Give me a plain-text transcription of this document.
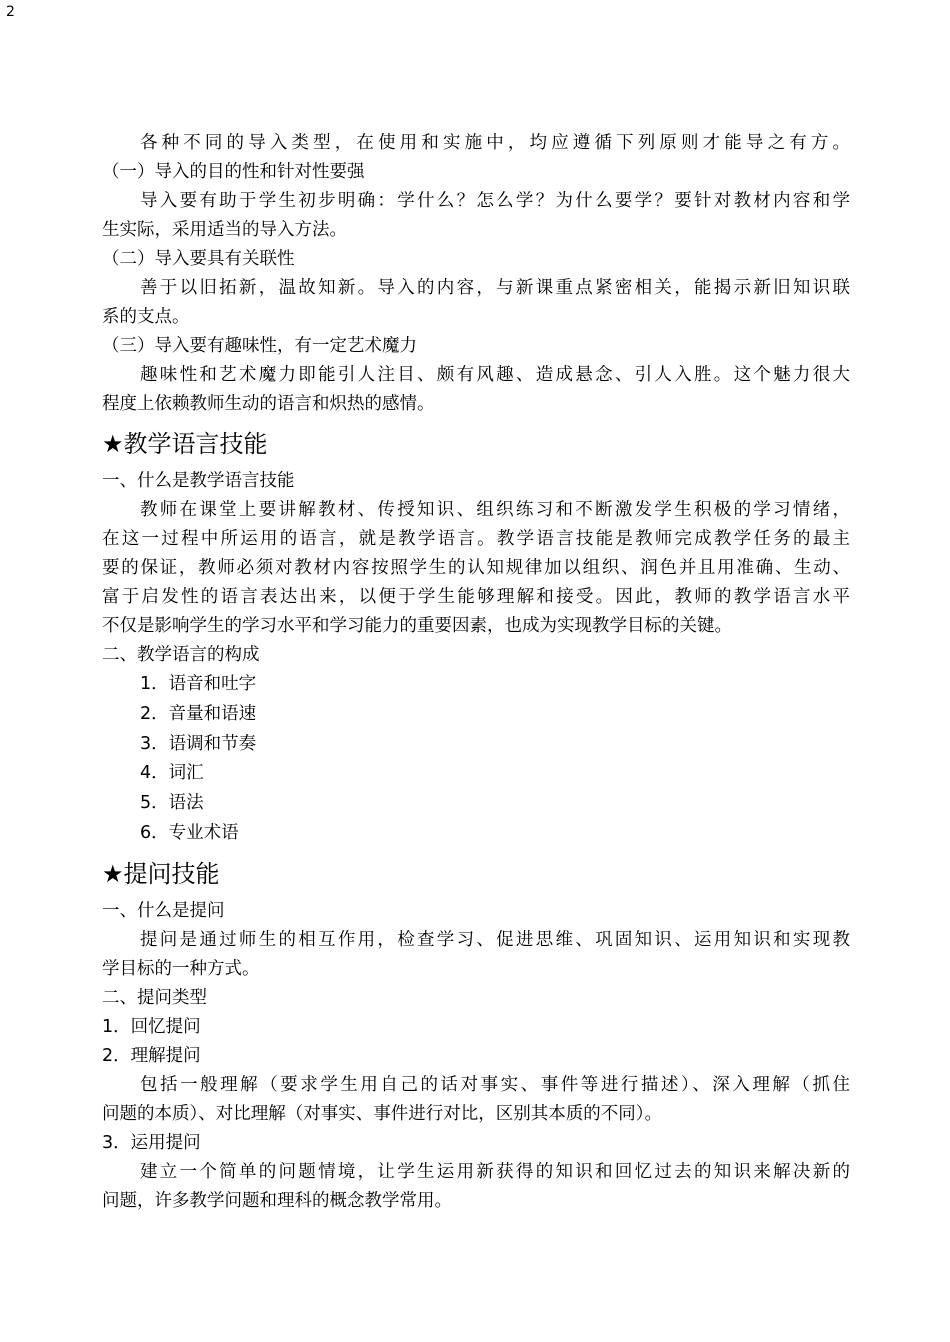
2
各种不同的导入类型，在使用和实施中，均应遵循下列原则才能导之有方。
（一）导入的目的性和针对性要强
导入要有助于学生初步明确：学什么？怎么学？为什么要学？要针对教材内容和学
生实际，采用适当的导入方法。
（二）导入要具有关联性
善于以旧拓新，温故知新。导入的内容，与新课重点紧密相关，能揭示新旧知识联
系的支点。
（三）导入要有趣味性，有一定艺术魔力
趣味性和艺术魔力即能引人注目、颇有风趣、造成悬念、引人入胜。这个魅力很大
程度上依赖教师生动的语言和炽热的感情。
★教学语言技能
一、什么是教学语言技能
教师在课堂上要讲解教材、传授知识、组织练习和不断激发学生积极的学习情绪，
在这一过程中所运用的语言，就是教学语言。教学语言技能是教师完成教学任务的最主
要的保证，教师必须对教材内容按照学生的认知规律加以组织、润色并且用准确、生动、
富于启发性的语言表达出来，以便于学生能够理解和接受。因此，教师的教学语言水平
不仅是影响学生的学习水平和学习能力的重要因素，也成为实现教学目标的关键。
二、教学语言的构成
1．语音和吐字
2．音量和语速
3．语调和节奏
4．词汇
5．语法
6．专业术语
★提问技能
一、什么是提问
提问是通过师生的相互作用，检查学习、促进思维、巩固知识、运用知识和实现教
学目标的一种方式。
二、提问类型
1．回忆提问
2．理解提问
包括一般理解（要求学生用自己的话对事实、事件等进行描述）、深入理解（抓住
问题的本质）、对比理解（对事实、事件进行对比，区别其本质的不同）。
3．运用提问
建立一个简单的问题情境，让学生运用新获得的知识和回忆过去的知识来解决新的
问题，许多教学问题和理科的概念教学常用。
